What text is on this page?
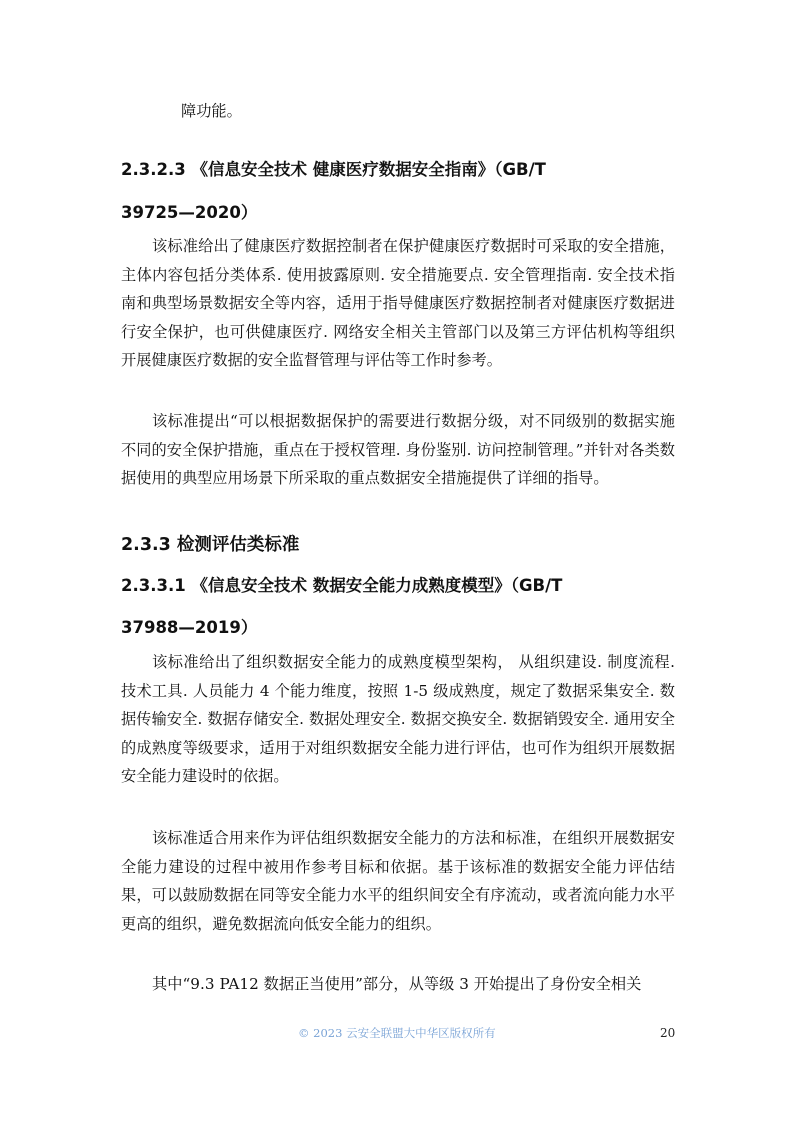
障功能。

2.3.2.3 《信息安全技术 健康医疗数据安全指南》（GB/T
39725—2020）

该标准给出了健康医疗数据控制者在保护健康医疗数据时可采取的安全措施，主体内容包括分类体系. 使用披露原则. 安全措施要点. 安全管理指南. 安全技术指南和典型场景数据安全等内容，适用于指导健康医疗数据控制者对健康医疗数据进行安全保护，也可供健康医疗. 网络安全相关主管部门以及第三方评估机构等组织开展健康医疗数据的安全监督管理与评估等工作时参考。

该标准提出“可以根据数据保护的需要进行数据分级，对不同级别的数据实施不同的安全保护措施，重点在于授权管理. 身份鉴别. 访问控制管理。”并针对各类数据使用的典型应用场景下所采取的重点数据安全措施提供了详细的指导。

2.3.3 检测评估类标准
2.3.3.1 《信息安全技术 数据安全能力成熟度模型》（GB/T
37988—2019）

该标准给出了组织数据安全能力的成熟度模型架构， 从组织建设. 制度流程. 技术工具. 人员能力 4 个能力维度，按照 1-5 级成熟度，规定了数据采集安全. 数据传输安全. 数据存储安全. 数据处理安全. 数据交换安全. 数据销毁安全. 通用安全的成熟度等级要求，适用于对组织数据安全能力进行评估，也可作为组织开展数据安全能力建设时的依据。

该标准适合用来作为评估组织数据安全能力的方法和标准，在组织开展数据安全能力建设的过程中被用作参考目标和依据。基于该标准的数据安全能力评估结果，可以鼓励数据在同等安全能力水平的组织间安全有序流动，或者流向能力水平更高的组织，避免数据流向低安全能力的组织。

其中“9.3 PA12 数据正当使用”部分，从等级 3 开始提出了身份安全相关

© 2023 云安全联盟大中华区版权所有	20
